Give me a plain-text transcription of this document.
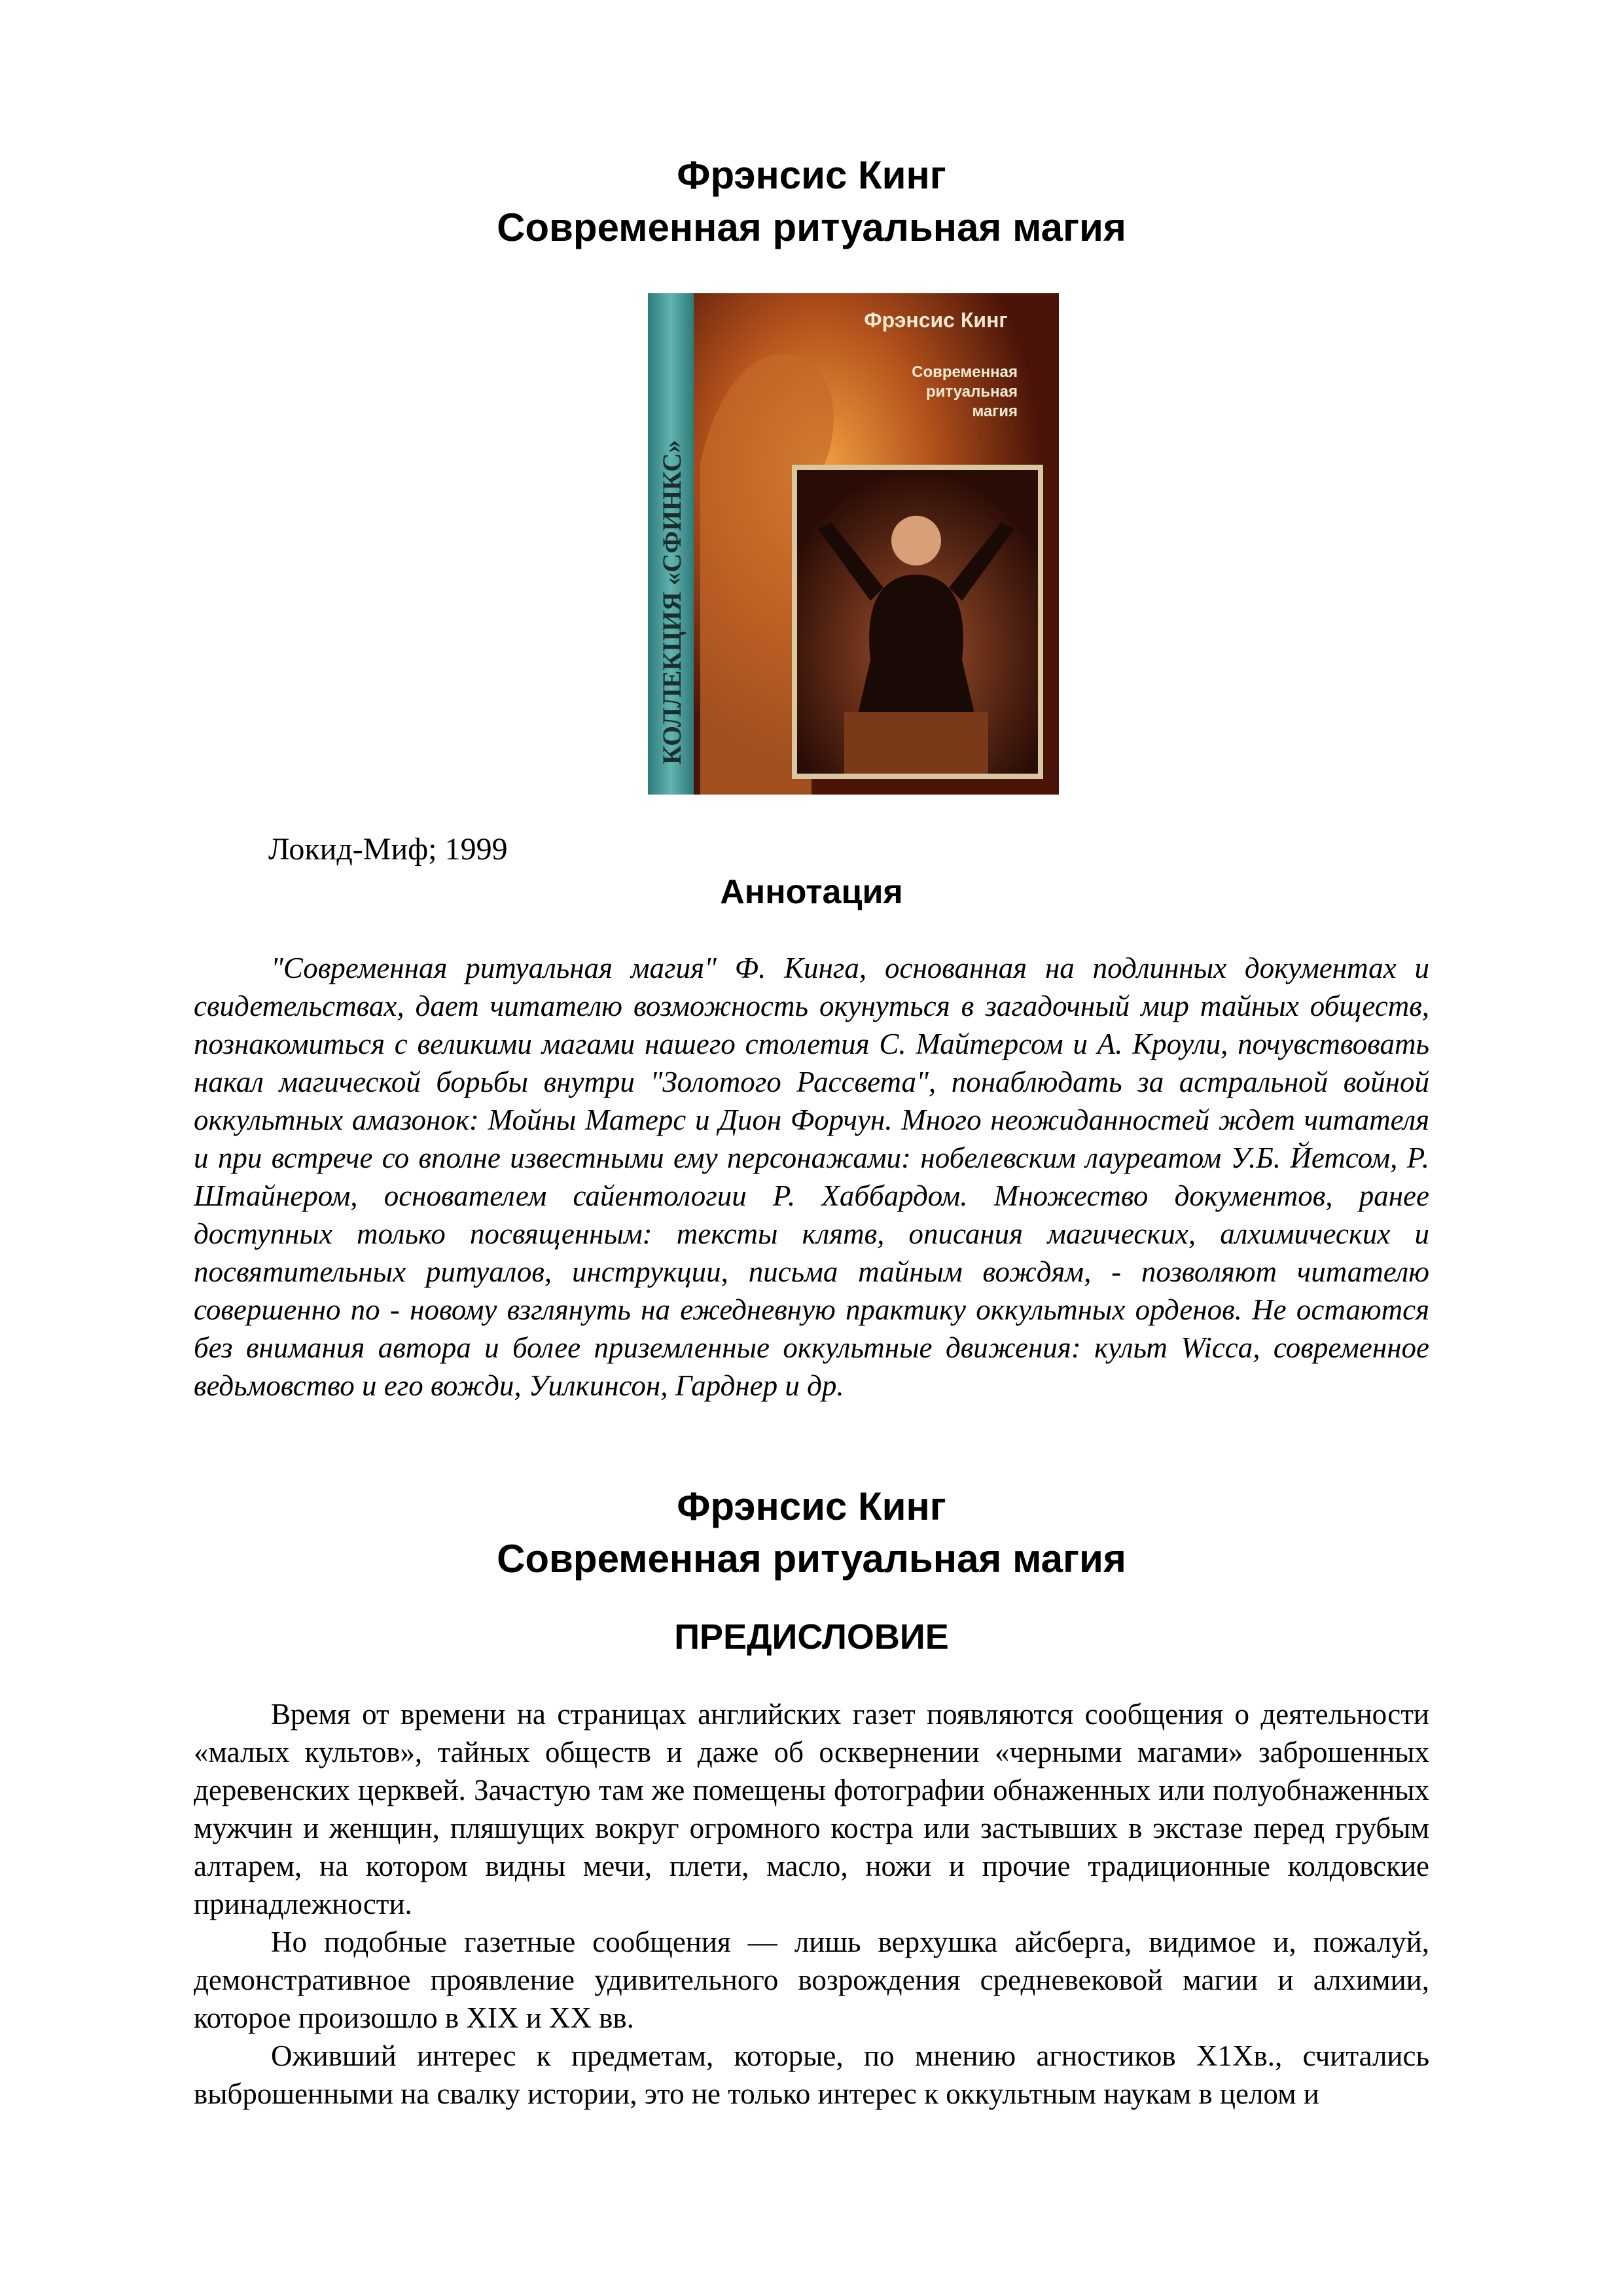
Фрэнсис Кинг
Современная ритуальная магия
КОЛЛЕКЦИЯ «СФИНКС»
Фрэнсис Кинг
Современная
ритуальная
магия
Локид-Миф; 1999
Аннотация

"Современная ритуальная магия" Ф. Кинга, основанная на подлинных документах и свидетельствах, дает читателю возможность окунуться в загадочный мир тайных обществ, познакомиться с великими магами нашего столетия С. Майтерсом и А. Кроули, почувствовать накал магической борьбы внутри "Золотого Рассвета", понаблюдать за астральной войной оккультных амазонок: Мойны Матерс и Дион Форчун. Много неожиданностей ждет читателя и при встрече со вполне известными ему персонажами: нобелевским лауреатом У.Б. Йетсом, Р. Штайнером, основателем сайентологии Р. Хаббардом. Множество документов, ранее доступных только посвященным: тексты клятв, описания магических, алхимических и посвятительных ритуалов, инструкции, письма тайным вождям, - позволяют читателю совершенно по - новому взглянуть на ежедневную практику оккультных орденов. Не остаются без внимания автора и более приземленные оккультные движения: культ Wicca, современное ведьмовство и его вожди, Уилкинсон, Гарднер и др.

Фрэнсис Кинг
Современная ритуальная магия
ПРЕДИСЛОВИЕ

Время от времени на страницах английских газет появляются сообщения о деятельности «малых культов», тайных обществ и даже об осквернении «черными магами» заброшенных деревенских церквей. Зачастую там же помещены фотографии обнаженных или полуобнаженных мужчин и женщин, пляшущих вокруг огромного костра или застывших в экстазе перед грубым алтарем, на котором видны мечи, плети, масло, ножи и прочие традиционные колдовские принадлежности.

Но подобные газетные сообщения — лишь верхушка айсберга, видимое и, пожалуй, демонстративное проявление удивительного возрождения средневековой магии и алхимии, которое произошло в XIX и XX вв.

Оживший интерес к предметам, которые, по мнению агностиков Х1Хв., считались выброшенными на свалку истории, это не только интерес к оккультным наукам в целом и
